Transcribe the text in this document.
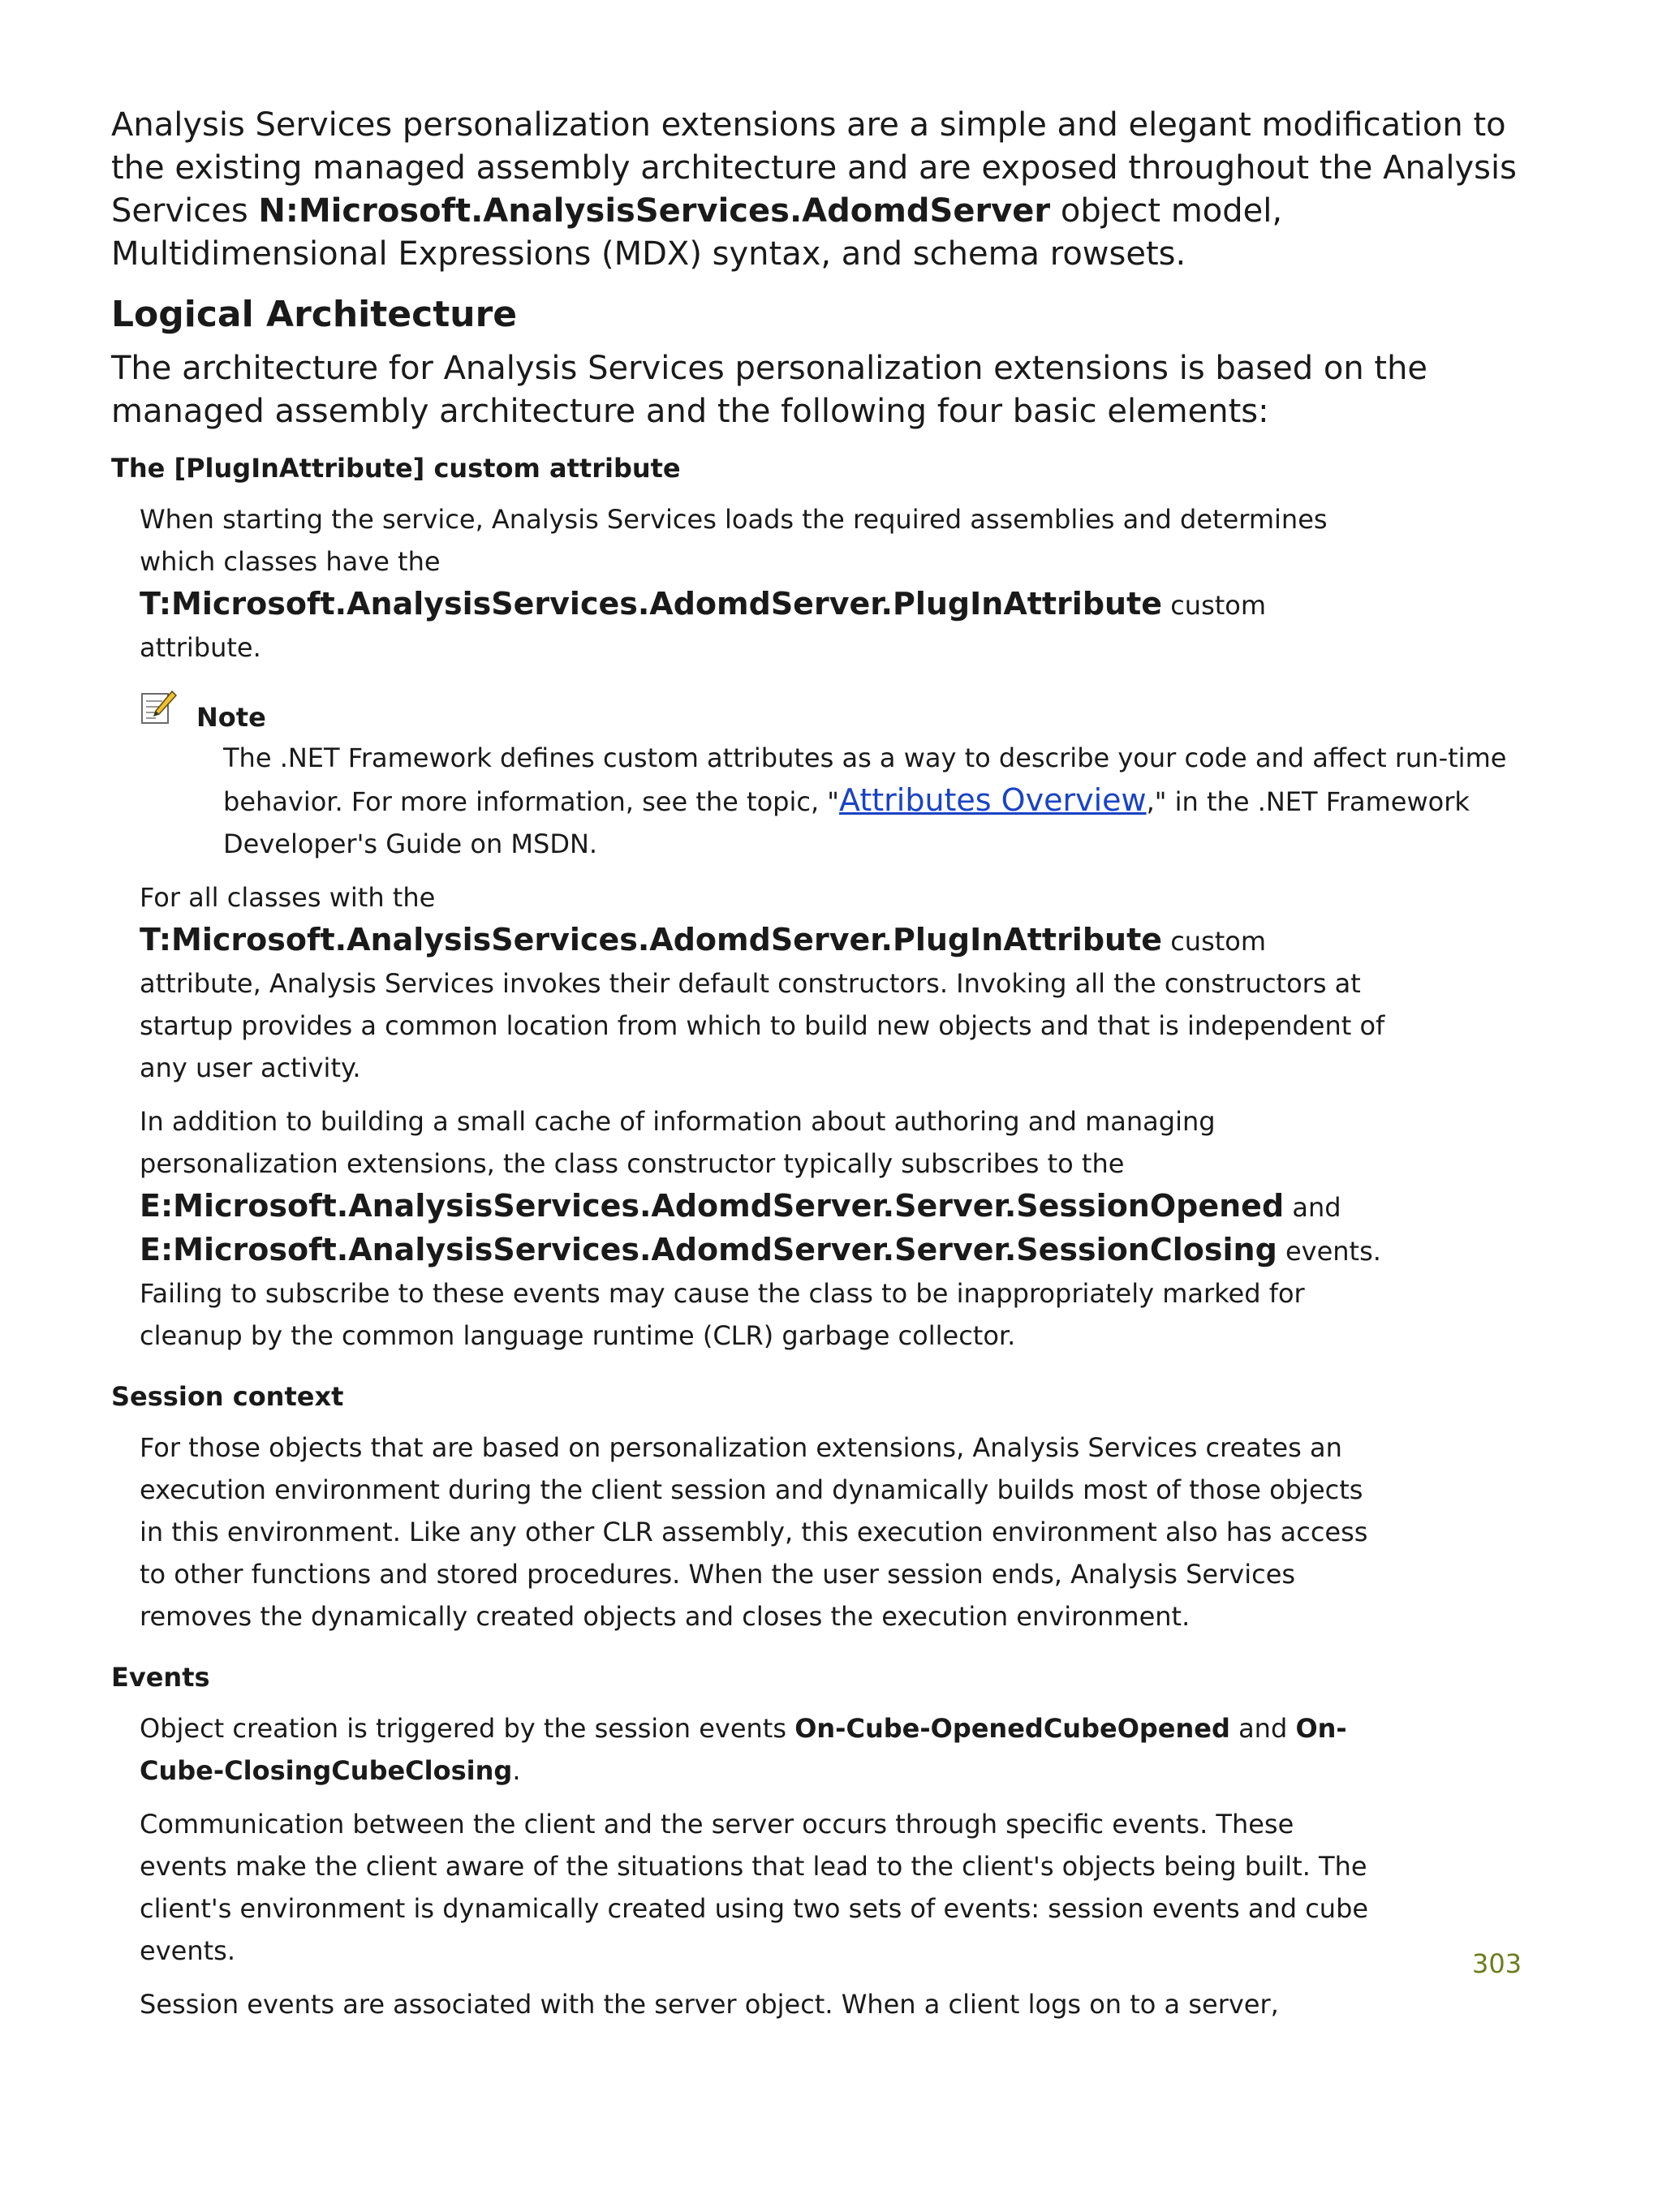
Analysis Services personalization extensions are a simple and elegant modification to the existing managed assembly architecture and are exposed throughout the Analysis Services N:Microsoft.AnalysisServices.AdomdServer object model, Multidimensional Expressions (MDX) syntax, and schema rowsets.

Logical Architecture

The architecture for Analysis Services personalization extensions is based on the managed assembly architecture and the following four basic elements:

The [PlugInAttribute] custom attribute

When starting the service, Analysis Services loads the required assemblies and determines which classes have the
T:Microsoft.AnalysisServices.AdomdServer.PlugInAttribute custom attribute.

Note
The .NET Framework defines custom attributes as a way to describe your code and affect run-time behavior. For more information, see the topic, "Attributes Overview," in the .NET Framework Developer's Guide on MSDN.

For all classes with the T:Microsoft.AnalysisServices.AdomdServer.PlugInAttribute custom attribute, Analysis Services invokes their default constructors. Invoking all the constructors at startup provides a common location from which to build new objects and that is independent of any user activity.

In addition to building a small cache of information about authoring and managing personalization extensions, the class constructor typically subscribes to the E:Microsoft.AnalysisServices.AdomdServer.Server.SessionOpened and E:Microsoft.AnalysisServices.AdomdServer.Server.SessionClosing events. Failing to subscribe to these events may cause the class to be inappropriately marked for cleanup by the common language runtime (CLR) garbage collector.

Session context

For those objects that are based on personalization extensions, Analysis Services creates an execution environment during the client session and dynamically builds most of those objects in this environment. Like any other CLR assembly, this execution environment also has access to other functions and stored procedures. When the user session ends, Analysis Services removes the dynamically created objects and closes the execution environment.

Events

Object creation is triggered by the session events On-Cube-OpenedCubeOpened and On-Cube-ClosingCubeClosing.

Communication between the client and the server occurs through specific events. These events make the client aware of the situations that lead to the client's objects being built. The client's environment is dynamically created using two sets of events: session events and cube events.

Session events are associated with the server object. When a client logs on to a server,

303
